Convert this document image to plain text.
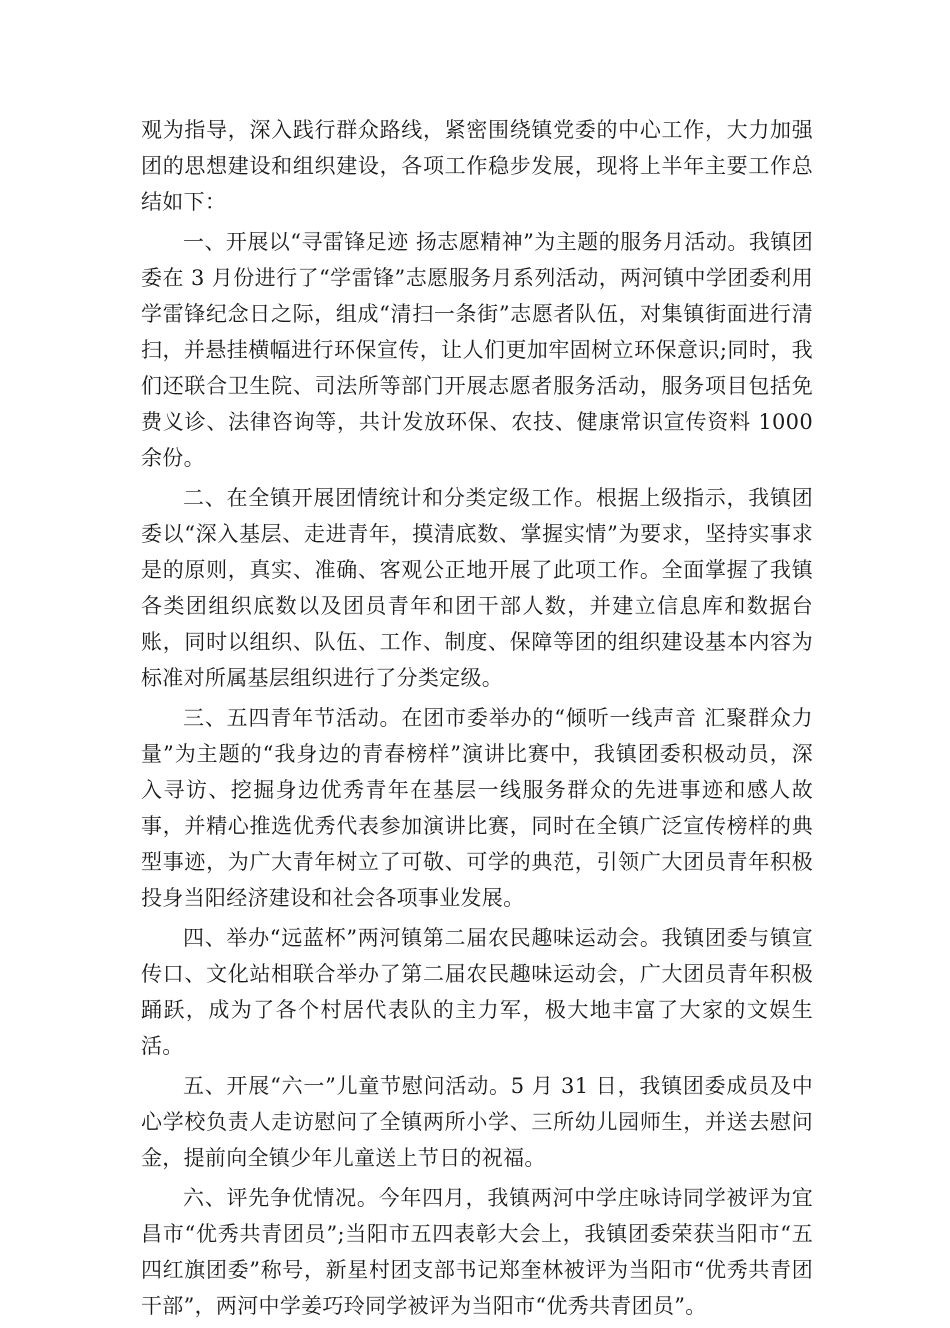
观为指导，深入践行群众路线，紧密围绕镇党委的中心工作，大力加强团的思想建设和组织建设，各项工作稳步发展，现将上半年主要工作总结如下：

一、开展以“寻雷锋足迹 扬志愿精神”为主题的服务月活动。我镇团委在 3 月份进行了“学雷锋”志愿服务月系列活动，两河镇中学团委利用学雷锋纪念日之际，组成“清扫一条街”志愿者队伍，对集镇街面进行清扫，并悬挂横幅进行环保宣传，让人们更加牢固树立环保意识;同时，我们还联合卫生院、司法所等部门开展志愿者服务活动，服务项目包括免费义诊、法律咨询等，共计发放环保、农技、健康常识宣传资料 1000 余份。

二、在全镇开展团情统计和分类定级工作。根据上级指示，我镇团委以“深入基层、走进青年，摸清底数、掌握实情”为要求，坚持实事求是的原则，真实、准确、客观公正地开展了此项工作。全面掌握了我镇各类团组织底数以及团员青年和团干部人数，并建立信息库和数据台账，同时以组织、队伍、工作、制度、保障等团的组织建设基本内容为标准对所属基层组织进行了分类定级。

三、五四青年节活动。在团市委举办的“倾听一线声音 汇聚群众力量”为主题的“我身边的青春榜样”演讲比赛中，我镇团委积极动员，深入寻访、挖掘身边优秀青年在基层一线服务群众的先进事迹和感人故事，并精心推选优秀代表参加演讲比赛，同时在全镇广泛宣传榜样的典型事迹，为广大青年树立了可敬、可学的典范，引领广大团员青年积极投身当阳经济建设和社会各项事业发展。

四、举办“远蓝杯”两河镇第二届农民趣味运动会。我镇团委与镇宣传口、文化站相联合举办了第二届农民趣味运动会，广大团员青年积极踊跃，成为了各个村居代表队的主力军，极大地丰富了大家的文娱生活。

五、开展“六一”儿童节慰问活动。5 月 31 日，我镇团委成员及中心学校负责人走访慰问了全镇两所小学、三所幼儿园师生，并送去慰问金，提前向全镇少年儿童送上节日的祝福。

六、评先争优情况。今年四月，我镇两河中学庄咏诗同学被评为宜昌市“优秀共青团员”;当阳市五四表彰大会上，我镇团委荣获当阳市“五四红旗团委”称号，新星村团支部书记郑奎林被评为当阳市“优秀共青团干部”，两河中学姜巧玲同学被评为当阳市“优秀共青团员”。
